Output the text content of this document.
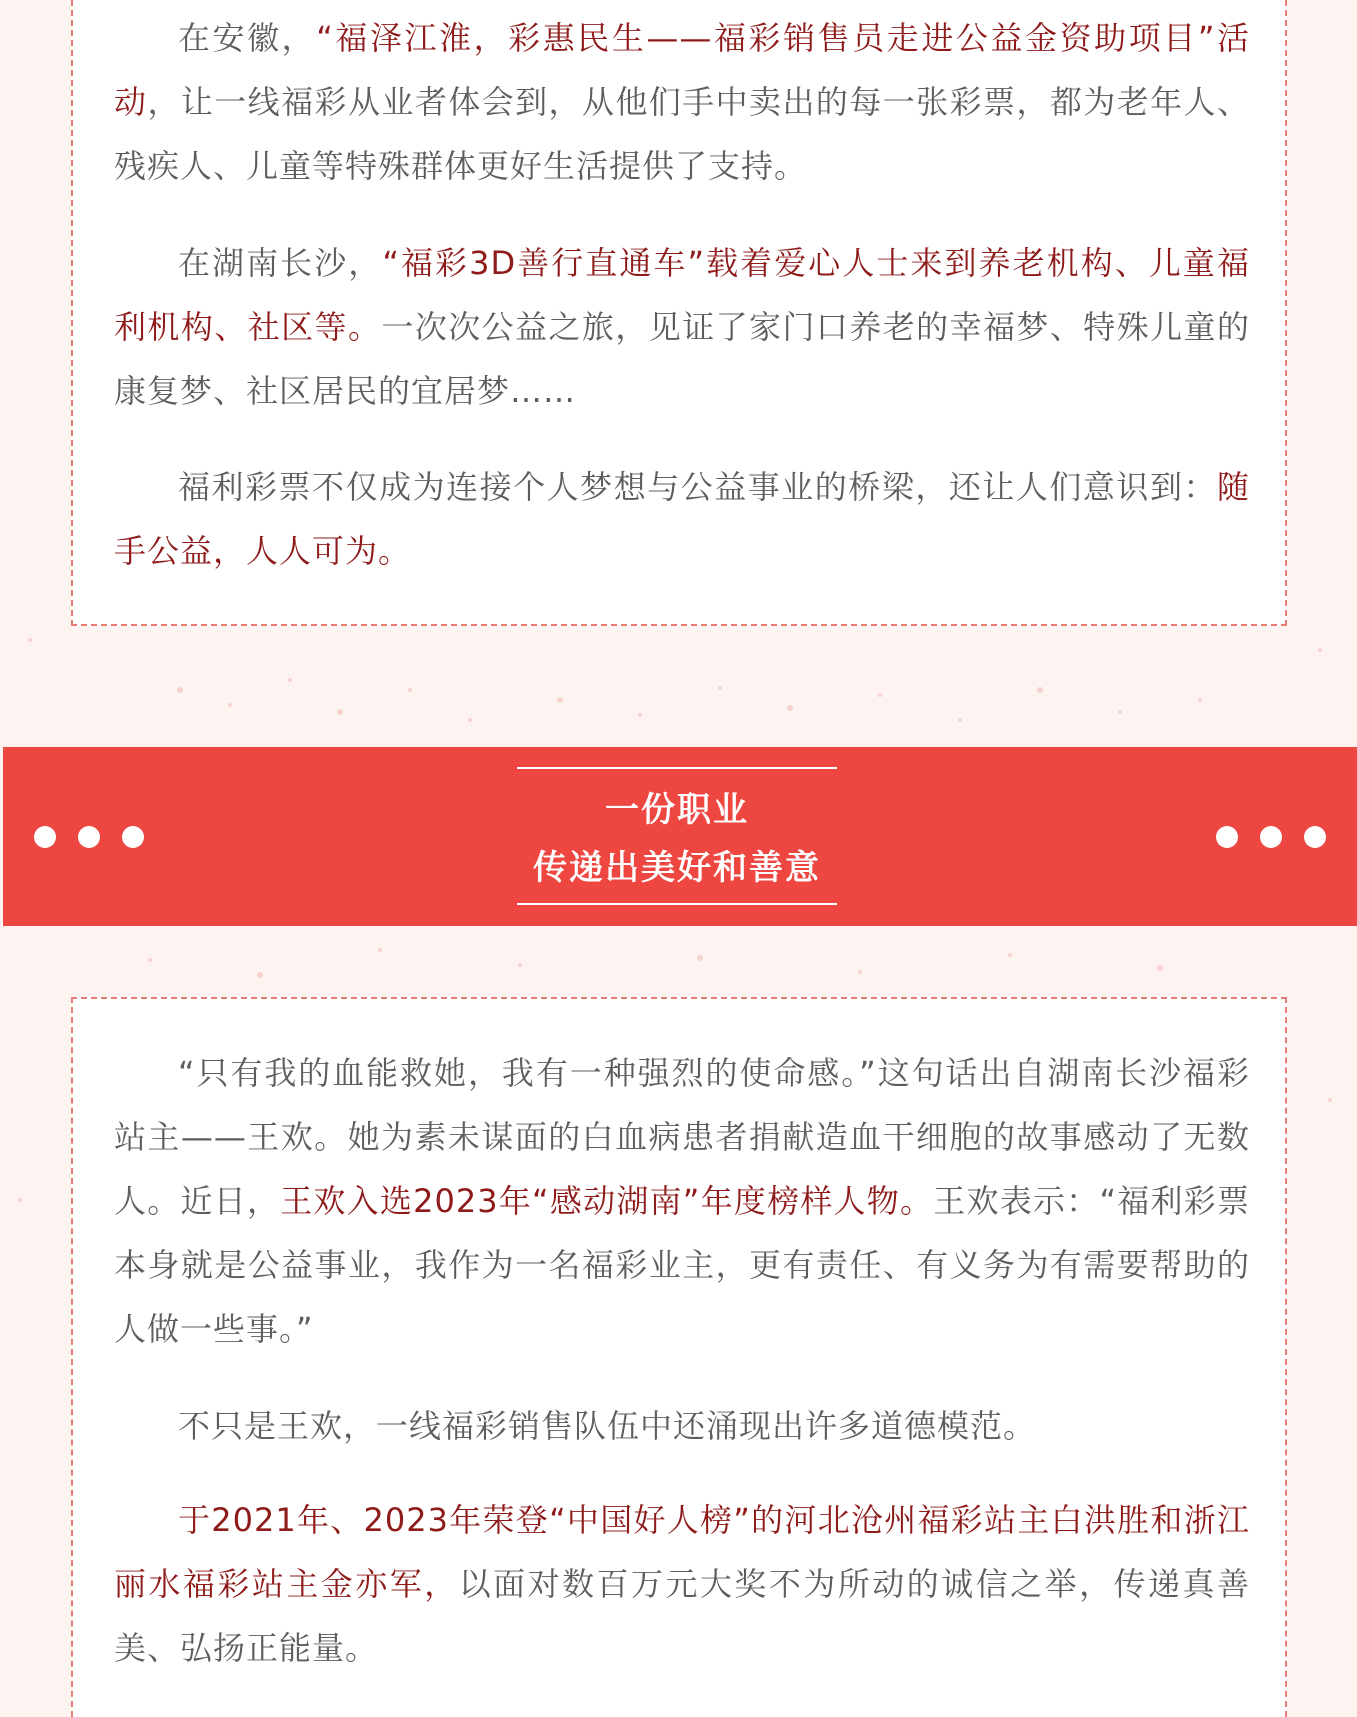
在安徽，“福泽江淮，彩惠民生——福彩销售员走进公益金资助项目”活动，让一线福彩从业者体会到，从他们手中卖出的每一张彩票，都为老年人、残疾人、儿童等特殊群体更好生活提供了支持。

在湖南长沙，“福彩3D善行直通车”载着爱心人士来到养老机构、儿童福利机构、社区等。一次次公益之旅，见证了家门口养老的幸福梦、特殊儿童的康复梦、社区居民的宜居梦……

福利彩票不仅成为连接个人梦想与公益事业的桥梁，还让人们意识到：随手公益，人人可为。

一份职业
传递出美好和善意

“只有我的血能救她，我有一种强烈的使命感。”这句话出自湖南长沙福彩站主——王欢。她为素未谋面的白血病患者捐献造血干细胞的故事感动了无数人。近日，王欢入选2023年“感动湖南”年度榜样人物。王欢表示：“福利彩票本身就是公益事业，我作为一名福彩业主，更有责任、有义务为有需要帮助的人做一些事。”

不只是王欢，一线福彩销售队伍中还涌现出许多道德模范。

于2021年、2023年荣登“中国好人榜”的河北沧州福彩站主白洪胜和浙江丽水福彩站主金亦军，以面对数百万元大奖不为所动的诚信之举，传递真善美、弘扬正能量。
